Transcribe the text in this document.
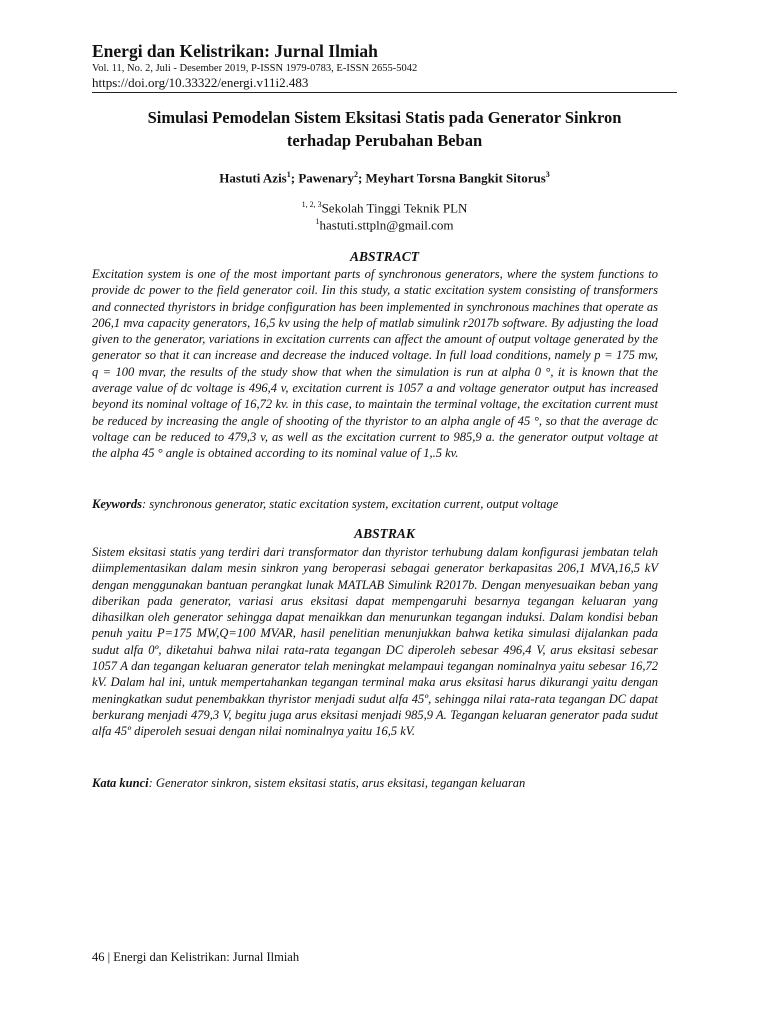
Energi dan Kelistrikan: Jurnal Ilmiah
Vol. 11, No. 2, Juli - Desember 2019, P-ISSN 1979-0783, E-ISSN 2655-5042
https://doi.org/10.33322/energi.v11i2.483
Simulasi Pemodelan Sistem Eksitasi Statis pada Generator Sinkron
terhadap Perubahan Beban
Hastuti Azis$^1$; Pawenary$^2$; Meyhart Torsna Bangkit Sitorus$^3$
$^{1, 2, 3}$Sekolah Tinggi Teknik PLN
$^1$hastuti.sttpln@gmail.com
ABSTRACT
Excitation system is one of the most important parts of synchronous generators, where the system functions to provide dc power to the field generator coil. Iin this study, a static excitation system consisting of transformers and connected thyristors in bridge configuration has been implemented in synchronous machines that operate as 206,1 mva capacity generators, 16,5 kv using the help of matlab simulink r2017b software. By adjusting the load given to the generator, variations in excitation currents can affect the amount of output voltage generated by the generator so that it can increase and decrease the induced voltage. In full load conditions, namely p = 175 mw, q = 100 mvar, the results of the study show that when the simulation is run at alpha 0 °, it is known that the average value of dc voltage is 496,4 v, excitation current is 1057 a and voltage generator output has increased beyond its nominal voltage of 16,72 kv. in this case, to maintain the terminal voltage, the excitation current must be reduced by increasing the angle of shooting of the thyristor to an alpha angle of 45 °, so that the average dc voltage can be reduced to 479,3 v, as well as the excitation current to 985,9 a. the generator output voltage at the alpha 45 ° angle is obtained according to its nominal value of 1,.5 kv.
Keywords: synchronous generator, static excitation system, excitation current, output voltage
ABSTRAK
Sistem eksitasi statis yang terdiri dari transformator dan thyristor terhubung dalam konfigurasi jembatan telah diimplementasikan dalam mesin sinkron yang beroperasi sebagai generator berkapasitas 206,1 MVA,16,5 kV dengan menggunakan bantuan perangkat lunak MATLAB Simulink R2017b. Dengan menyesuaikan beban yang diberikan pada generator, variasi arus eksitasi dapat mempengaruhi besarnya tegangan keluaran yang dihasilkan oleh generator sehingga dapat menaikkan dan menurunkan tegangan induksi. Dalam kondisi beban penuh yaitu P=175 MW,Q=100 MVAR, hasil penelitian menunjukkan bahwa ketika simulasi dijalankan pada sudut alfa 0º, diketahui bahwa nilai rata-rata tegangan DC diperoleh sebesar 496,4 V, arus eksitasi sebesar 1057 A dan tegangan keluaran generator telah meningkat melampaui tegangan nominalnya yaitu sebesar 16,72 kV. Dalam hal ini, untuk mempertahankan tegangan terminal maka arus eksitasi harus dikurangi yaitu dengan meningkatkan sudut penembakkan thyristor menjadi sudut alfa 45º, sehingga nilai rata-rata tegangan DC dapat berkurang menjadi 479,3 V, begitu juga arus eksitasi menjadi 985,9 A. Tegangan keluaran generator pada sudut alfa 45º diperoleh sesuai dengan nilai nominalnya yaitu 16,5 kV.
Kata kunci: Generator sinkron, sistem eksitasi statis, arus eksitasi, tegangan keluaran
46 | Energi dan Kelistrikan: Jurnal Ilmiah
